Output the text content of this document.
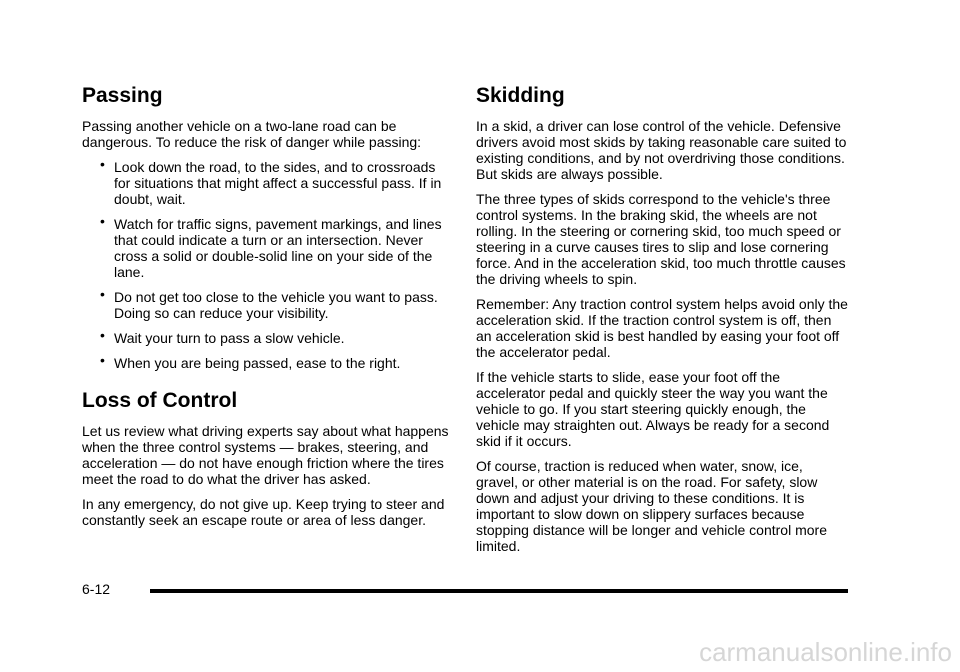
Passing

Passing another vehicle on a two-lane road can be dangerous. To reduce the risk of danger while passing:

• Look down the road, to the sides, and to crossroads for situations that might affect a successful pass. If in doubt, wait.
• Watch for traffic signs, pavement markings, and lines that could indicate a turn or an intersection. Never cross a solid or double-solid line on your side of the lane.
• Do not get too close to the vehicle you want to pass. Doing so can reduce your visibility.
• Wait your turn to pass a slow vehicle.
• When you are being passed, ease to the right.
Loss of Control

Let us review what driving experts say about what happens when the three control systems — brakes, steering, and acceleration — do not have enough friction where the tires meet the road to do what the driver has asked.

In any emergency, do not give up. Keep trying to steer and constantly seek an escape route or area of less danger.

Skidding

In a skid, a driver can lose control of the vehicle. Defensive drivers avoid most skids by taking reasonable care suited to existing conditions, and by not overdriving those conditions. But skids are always possible.

The three types of skids correspond to the vehicle's three control systems. In the braking skid, the wheels are not rolling. In the steering or cornering skid, too much speed or steering in a curve causes tires to slip and lose cornering force. And in the acceleration skid, too much throttle causes the driving wheels to spin.

Remember: Any traction control system helps avoid only the acceleration skid. If the traction control system is off, then an acceleration skid is best handled by easing your foot off the accelerator pedal.

If the vehicle starts to slide, ease your foot off the accelerator pedal and quickly steer the way you want the vehicle to go. If you start steering quickly enough, the vehicle may straighten out. Always be ready for a second skid if it occurs.

Of course, traction is reduced when water, snow, ice, gravel, or other material is on the road. For safety, slow down and adjust your driving to these conditions. It is important to slow down on slippery surfaces because stopping distance will be longer and vehicle control more limited.

6-12
carmanualsonline.info
